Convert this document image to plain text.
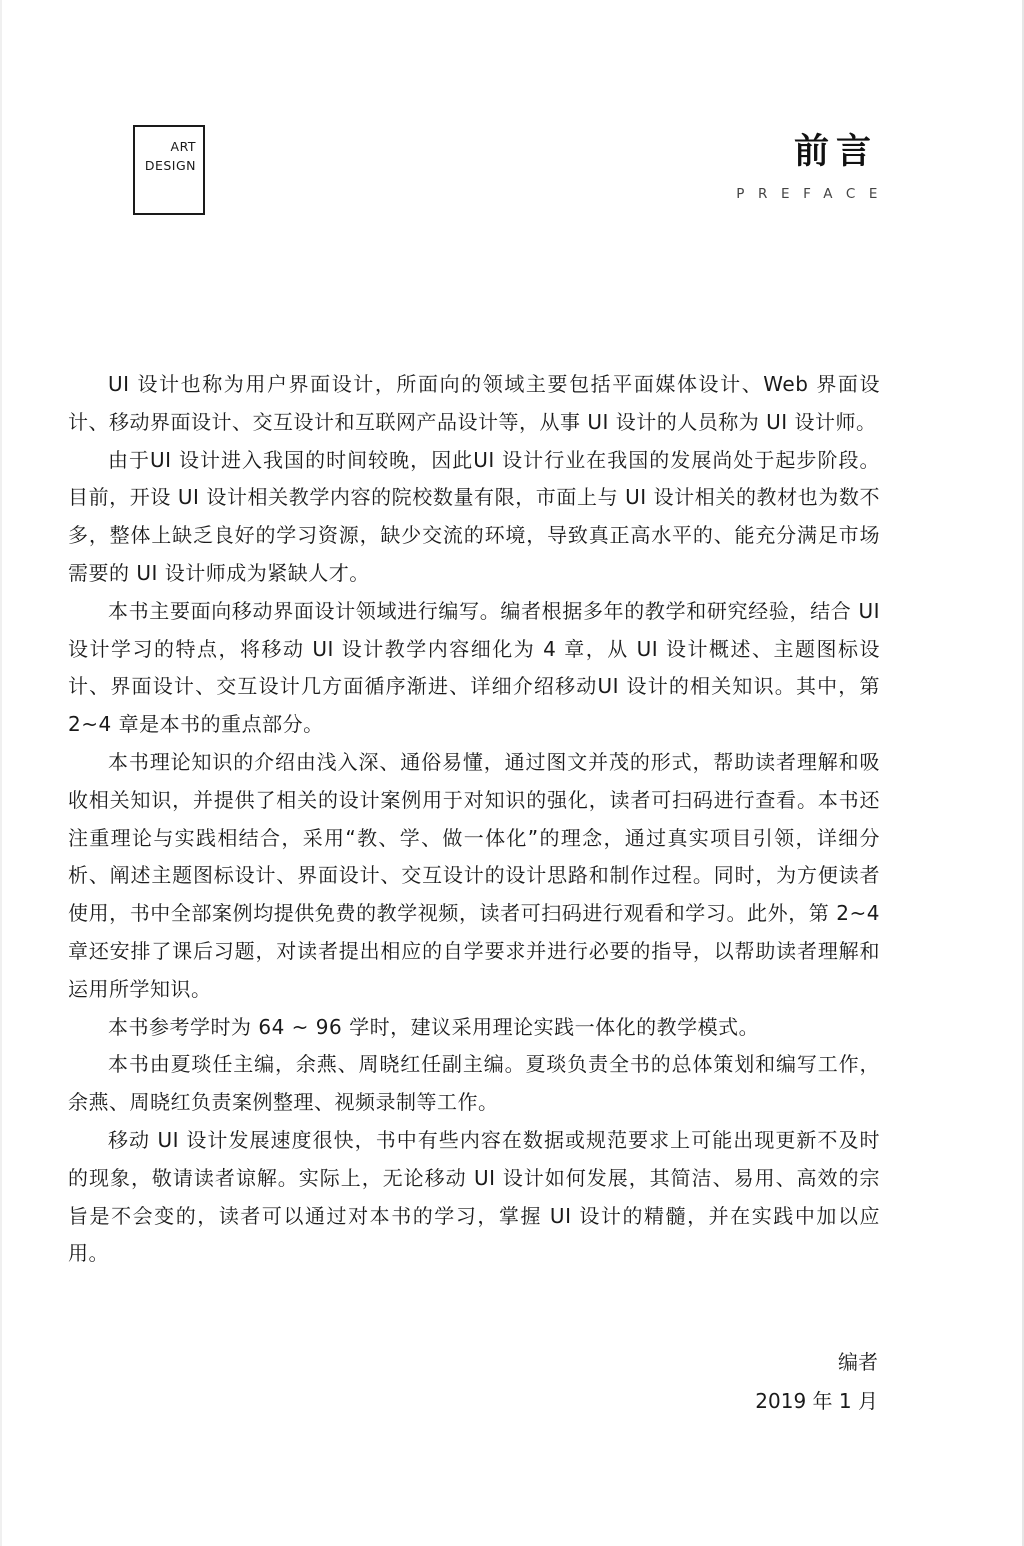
ART
DESIGN	前言
PREFACE

UI 设计也称为用户界面设计，所面向的领域主要包括平面媒体设计、Web 界面设计、移动界面设计、交互设计和互联网产品设计等，从事 UI 设计的人员称为 UI 设计师。

由于UI 设计进入我国的时间较晚，因此UI 设计行业在我国的发展尚处于起步阶段。目前，开设 UI 设计相关教学内容的院校数量有限，市面上与 UI 设计相关的教材也为数不多，整体上缺乏良好的学习资源，缺少交流的环境，导致真正高水平的、能充分满足市场需要的 UI 设计师成为紧缺人才。

本书主要面向移动界面设计领域进行编写。编者根据多年的教学和研究经验，结合 UI 设计学习的特点，将移动 UI 设计教学内容细化为 4 章，从 UI 设计概述、主题图标设计、界面设计、交互设计几方面循序渐进、详细介绍移动UI 设计的相关知识。其中，第 2~4 章是本书的重点部分。

本书理论知识的介绍由浅入深、通俗易懂，通过图文并茂的形式，帮助读者理解和吸收相关知识，并提供了相关的设计案例用于对知识的强化，读者可扫码进行查看。本书还注重理论与实践相结合，采用“教、学、做一体化”的理念，通过真实项目引领，详细分析、阐述主题图标设计、界面设计、交互设计的设计思路和制作过程。同时，为方便读者使用，书中全部案例均提供免费的教学视频，读者可扫码进行观看和学习。此外，第 2~4 章还安排了课后习题，对读者提出相应的自学要求并进行必要的指导，以帮助读者理解和运用所学知识。

本书参考学时为 64 ~ 96 学时，建议采用理论实践一体化的教学模式。

本书由夏琰任主编，余燕、周晓红任副主编。夏琰负责全书的总体策划和编写工作，余燕、周晓红负责案例整理、视频录制等工作。

移动 UI 设计发展速度很快，书中有些内容在数据或规范要求上可能出现更新不及时的现象，敬请读者谅解。实际上，无论移动 UI 设计如何发展，其简洁、易用、高效的宗旨是不会变的，读者可以通过对本书的学习，掌握 UI 设计的精髓，并在实践中加以应用。

编者
2019 年 1 月
